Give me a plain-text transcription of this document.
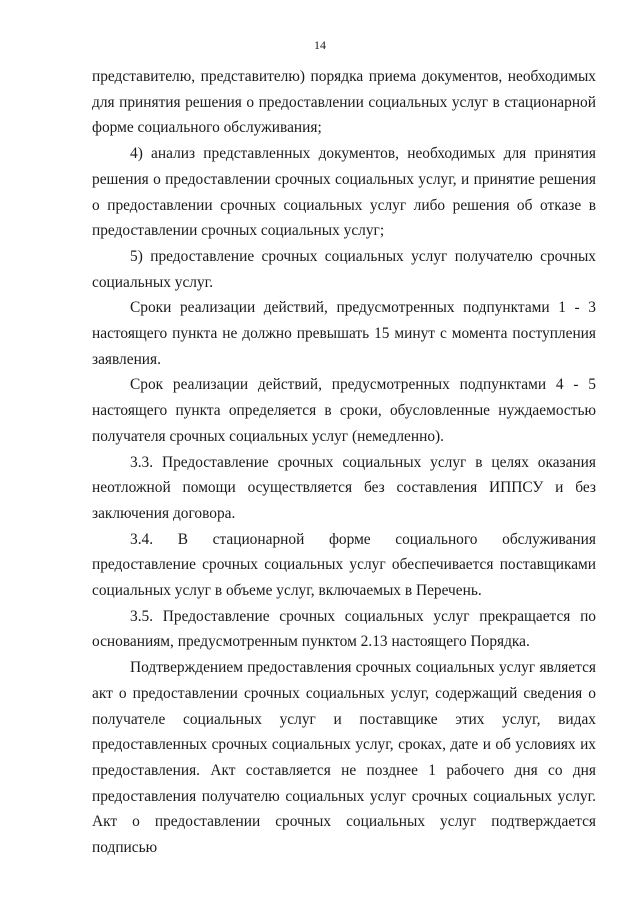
14

представителю, представителю) порядка приема документов, необходимых для принятия решения о предоставлении социальных услуг в стационарной форме социального обслуживания;

4) анализ представленных документов, необходимых для принятия решения о предоставлении срочных социальных услуг, и принятие решения о предоставлении срочных социальных услуг либо решения об отказе в предоставлении срочных социальных услуг;

5) предоставление срочных социальных услуг получателю срочных социальных услуг.

Сроки реализации действий, предусмотренных подпунктами 1 - 3 настоящего пункта не должно превышать 15 минут с момента поступления заявления.

Срок реализации действий, предусмотренных подпунктами 4 - 5 настоящего пункта определяется в сроки, обусловленные нуждаемостью получателя срочных социальных услуг (немедленно).

3.3. Предоставление срочных социальных услуг в целях оказания неотложной помощи осуществляется без составления ИППСУ и без заключения договора.

3.4. В стационарной форме социального обслуживания предоставление срочных социальных услуг обеспечивается поставщиками социальных услуг в объеме услуг, включаемых в Перечень.

3.5. Предоставление срочных социальных услуг прекращается по основаниям, предусмотренным пунктом 2.13 настоящего Порядка.

Подтверждением предоставления срочных социальных услуг является акт о предоставлении срочных социальных услуг, содержащий сведения о получателе социальных услуг и поставщике этих услуг, видах предоставленных срочных социальных услуг, сроках, дате и об условиях их предоставления. Акт составляется не позднее 1 рабочего дня со дня предоставления получателю социальных услуг срочных социальных услуг. Акт о предоставлении срочных социальных услуг подтверждается подписью
